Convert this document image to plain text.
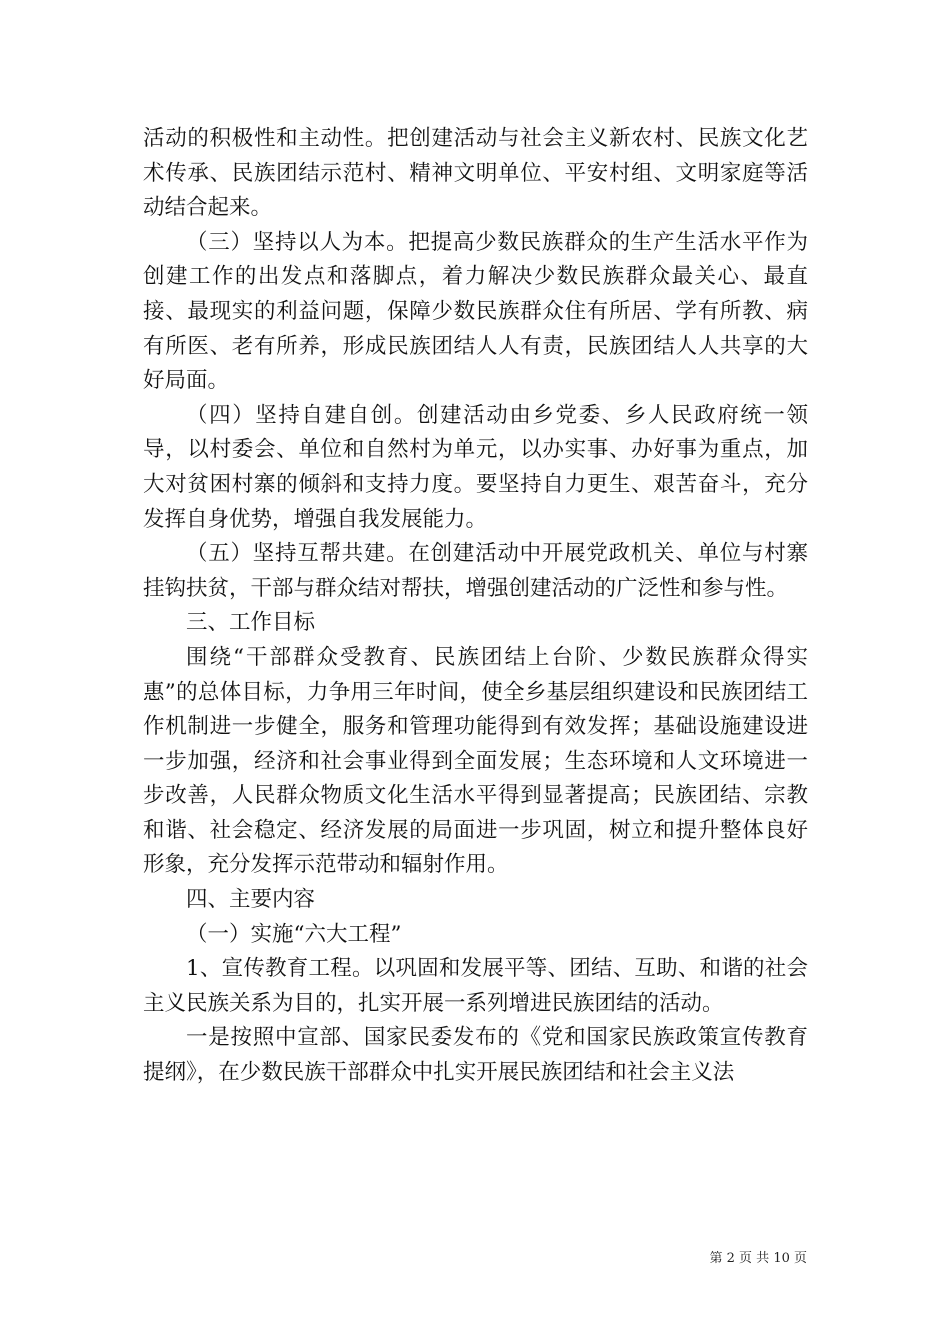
活动的积极性和主动性。把创建活动与社会主义新农村、民族文化艺术传承、民族团结示范村、精神文明单位、平安村组、文明家庭等活动结合起来。

（三）坚持以人为本。把提高少数民族群众的生产生活水平作为创建工作的出发点和落脚点，着力解决少数民族群众最关心、最直接、最现实的利益问题，保障少数民族群众住有所居、学有所教、病有所医、老有所养，形成民族团结人人有责，民族团结人人共享的大好局面。

（四）坚持自建自创。创建活动由乡党委、乡人民政府统一领导，以村委会、单位和自然村为单元，以办实事、办好事为重点，加大对贫困村寨的倾斜和支持力度。要坚持自力更生、艰苦奋斗，充分发挥自身优势，增强自我发展能力。

（五）坚持互帮共建。在创建活动中开展党政机关、单位与村寨挂钩扶贫，干部与群众结对帮扶，增强创建活动的广泛性和参与性。

三、工作目标

围绕“干部群众受教育、民族团结上台阶、少数民族群众得实惠”的总体目标，力争用三年时间，使全乡基层组织建设和民族团结工作机制进一步健全，服务和管理功能得到有效发挥；基础设施建设进一步加强，经济和社会事业得到全面发展；生态环境和人文环境进一步改善，人民群众物质文化生活水平得到显著提高；民族团结、宗教和谐、社会稳定、经济发展的局面进一步巩固，树立和提升整体良好形象，充分发挥示范带动和辐射作用。

四、主要内容

（一）实施“六大工程”

1、宣传教育工程。以巩固和发展平等、团结、互助、和谐的社会主义民族关系为目的，扎实开展一系列增进民族团结的活动。

一是按照中宣部、国家民委发布的《党和国家民族政策宣传教育提纲》，在少数民族干部群众中扎实开展民族团结和社会主义法

第 2 页 共 10 页
